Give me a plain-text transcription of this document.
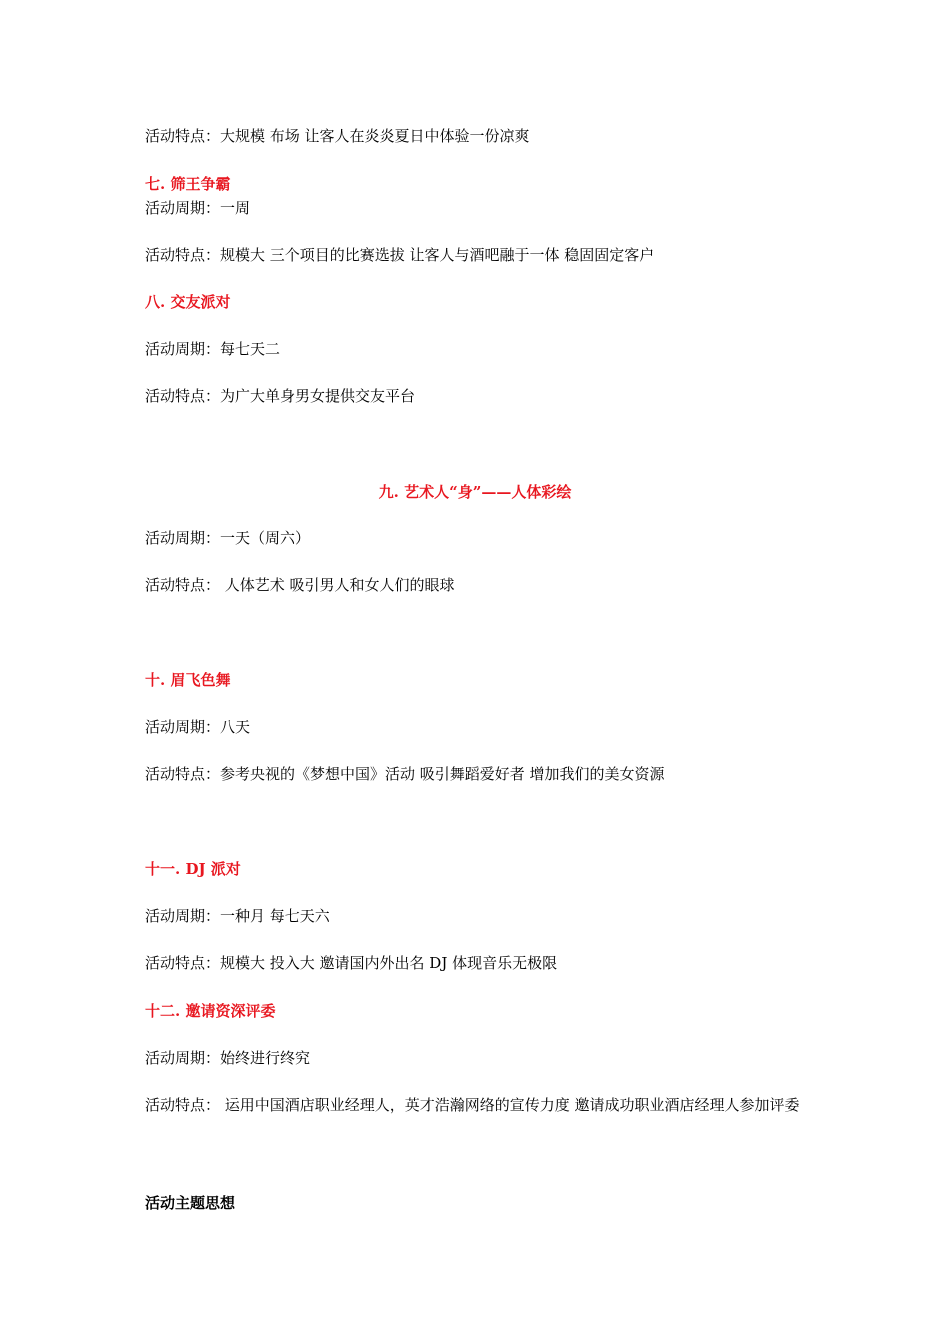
活动特点：大规模 布场 让客人在炎炎夏日中体验一份凉爽
七. 筛王争霸
活动周期：一周
活动特点：规模大 三个项目的比赛选拔 让客人与酒吧融于一体 稳固固定客户
八. 交友派对
活动周期：每七天二
活动特点：为广大单身男女提供交友平台
九. 艺术人“身”——人体彩绘
活动周期：一天（周六）
活动特点： 人体艺术 吸引男人和女人们的眼球
十. 眉飞色舞
活动周期：八天
活动特点：参考央视的《梦想中国》活动 吸引舞蹈爱好者 增加我们的美女资源
十一. DJ 派对
活动周期：一种月 每七天六
活动特点：规模大 投入大 邀请国内外出名 DJ 体现音乐无极限
十二. 邀请资深评委
活动周期：始终进行终究
活动特点： 运用中国酒店职业经理人，英才浩瀚网络的宣传力度 邀请成功职业酒店经理人参加评委
活动主题思想
